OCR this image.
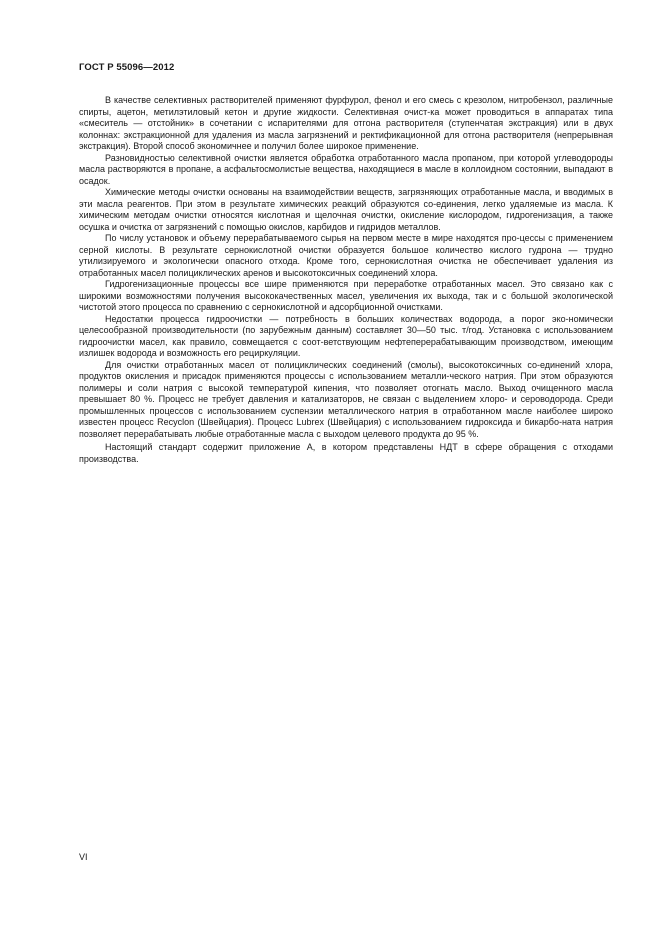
ГОСТ Р 55096—2012

В качестве селективных растворителей применяют фурфурол, фенол и его смесь с крезолом, нитробензол, различные спирты, ацетон, метилэтиловый кетон и другие жидкости. Селективная очист-ка может проводиться в аппаратах типа «смеситель — отстойник» в сочетании с испарителями для отгона растворителя (ступенчатая экстракция) или в двух колоннах: экстракционной для удаления из масла загрязнений и ректификационной для отгона растворителя (непрерывная экстракция). Второй способ экономичнее и получил более широкое применение.

Разновидностью селективной очистки является обработка отработанного масла пропаном, при которой углеводороды масла растворяются в пропане, а асфальтосмолистые вещества, находящиеся в масле в коллоидном состоянии, выпадают в осадок.

Химические методы очистки основаны на взаимодействии веществ, загрязняющих отработанные масла, и вводимых в эти масла реагентов. При этом в результате химических реакций образуются со-единения, легко удаляемые из масла. К химическим методам очистки относятся кислотная и щелочная очистки, окисление кислородом, гидрогенизация, а также осушка и очистка от загрязнений с помощью окислов, карбидов и гидридов металлов.

По числу установок и объему перерабатываемого сырья на первом месте в мире находятся про-цессы с применением серной кислоты. В результате сернокислотной очистки образуется большое количество кислого гудрона — трудно утилизируемого и экологически опасного отхода. Кроме того, сернокислотная очистка не обеспечивает удаления из отработанных масел полициклических аренов и высокотоксичных соединений хлора.

Гидрогенизационные процессы все шире применяются при переработке отработанных масел. Это связано как с широкими возможностями получения высококачественных масел, увеличения их выхода, так и с большой экологической чистотой этого процесса по сравнению с сернокислотной и адсорбционной очистками.

Недостатки процесса гидроочистки — потребность в больших количествах водорода, а порог эко-номически целесообразной производительности (по зарубежным данным) составляет 30—50 тыс. т/год. Установка с использованием гидроочистки масел, как правило, совмещается с соот-ветствующим нефтеперерабатывающим производством, имеющим излишек водорода и возможность его рециркуляции.

Для очистки отработанных масел от полициклических соединений (смолы), высокотоксичных со-единений хлора, продуктов окисления и присадок применяются процессы с использованием металли-ческого натрия. При этом образуются полимеры и соли натрия с высокой температурой кипения, что позволяет отогнать масло. Выход очищенного масла превышает 80 %. Процесс не требует давления и катализаторов, не связан с выделением хлоро- и сероводорода. Среди промышленных процессов с использованием суспензии металлического натрия в отработанном масле наиболее широко известен процесс Recyclon (Швейцария). Процесс Lubrex (Швейцария) с использованием гидроксида и бикарбо-ната натрия позволяет перерабатывать любые отработанные масла с выходом целевого продукта до 95 %.

Настоящий стандарт содержит приложение А, в котором представлены НДТ в сфере обращения с отходами производства.

VI
